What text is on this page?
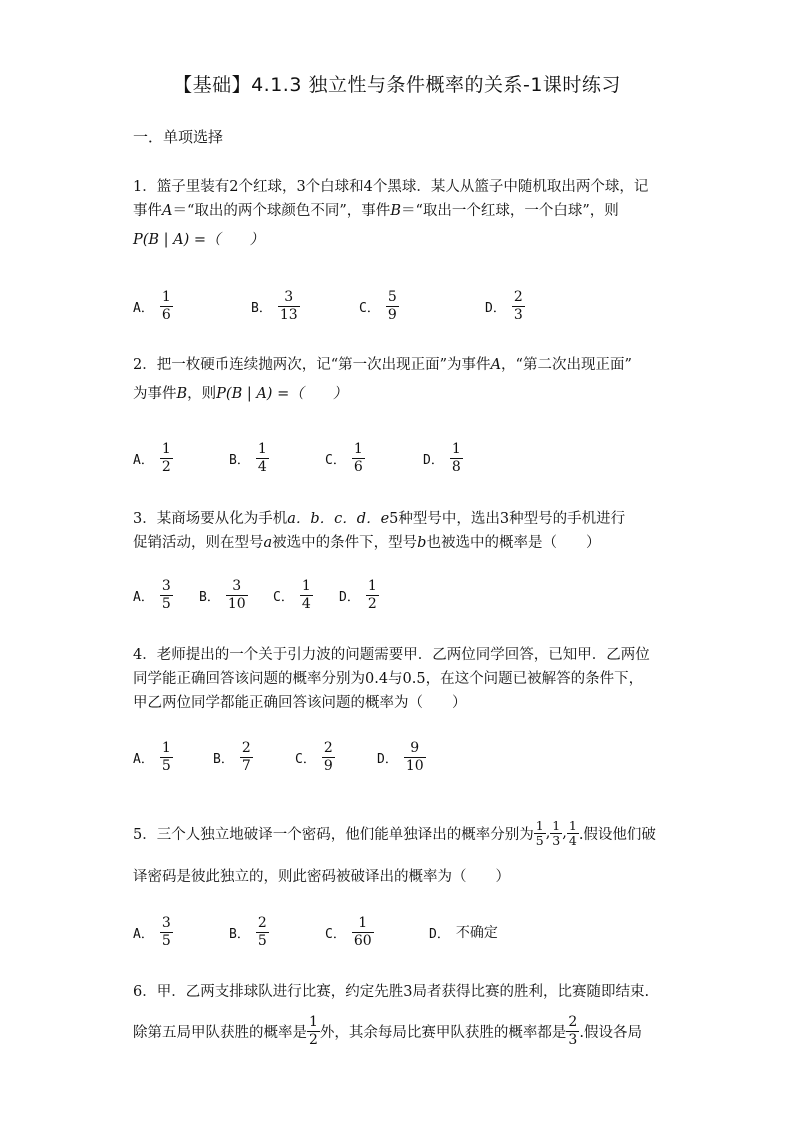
【基础】4.1.3 独立性与条件概率的关系-1课时练习
一．单项选择
1．篮子里装有2个红球，3个白球和4个黑球．某人从篮子中随机取出两个球，记
事件A＝“取出的两个球颜色不同”，事件B＝“取出一个红球，一个白球”，则
P(B | A) =（　　）
A． $\frac{1}{6}$	B． $\frac{3}{13}$	C． $\frac{5}{9}$	D． $\frac{2}{3}$
2．把一枚硬币连续抛两次，记“第一次出现正面”为事件A，“第二次出现正面”
为事件B，则P(B | A) =（　　）
A． $\frac{1}{2}$	B． $\frac{1}{4}$	C． $\frac{1}{6}$	D． $\frac{1}{8}$
3．某商场要从化为手机a．b．c．d．e5种型号中，选出3种型号的手机进行
促销活动，则在型号a被选中的条件下，型号b也被选中的概率是（　　）
A． $\frac{3}{5}$ B． $\frac{3}{10}$ C． $\frac{1}{4}$ D． $\frac{1}{2}$
4．老师提出的一个关于引力波的问题需要甲．乙两位同学回答，已知甲．乙两位
同学能正确回答该问题的概率分别为0.4与0.5，在这个问题已被解答的条件下，
甲乙两位同学都能正确回答该问题的概率为（　　）
A． $\frac{1}{5}$	B． $\frac{2}{7}$	C． $\frac{2}{9}$	D． $\frac{9}{10}$
5．三个人独立地破译一个密码，他们能单独译出的概率分别为 $\frac{1}{5}$ , $\frac{1}{3}$ , $\frac{1}{4}$ .假设他们破
译密码是彼此独立的，则此密码被破译出的概率为（　　）
A． $\frac{3}{5}$	B． $\frac{2}{5}$	C． $\frac{1}{60}$	D． 不确定
6．甲．乙两支排球队进行比赛，约定先胜3局者获得比赛的胜利，比赛随即结束.
除第五局甲队获胜的概率是 $\frac{1}{2}$ 外，其余每局比赛甲队获胜的概率都是 $\frac{2}{3}$ .假设各局
